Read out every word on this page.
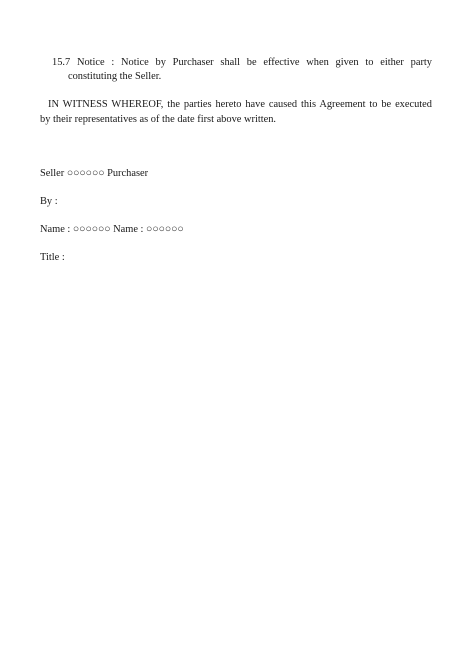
15.7 Notice : Notice by Purchaser shall be effective when given to either party

constituting the Seller.

IN WITNESS WHEREOF, the parties hereto have caused this Agreement to be executed

by their representatives as of the date first above written.

Seller ○○○○○○ Purchaser

By :

Name : ○○○○○○ Name : ○○○○○○

Title :
